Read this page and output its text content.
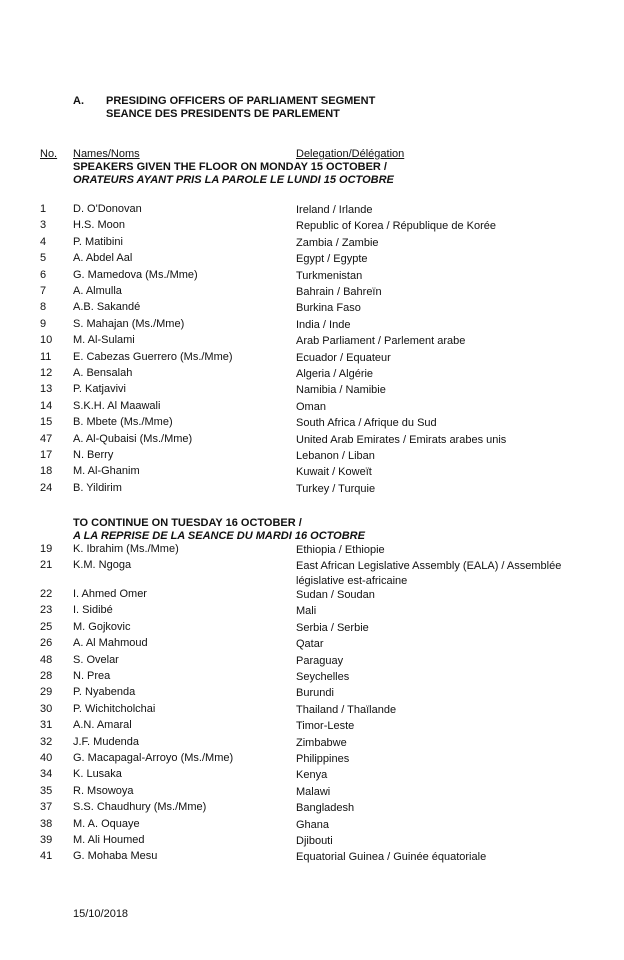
A. PRESIDING OFFICERS OF PARLIAMENT SEGMENT
SEANCE DES PRESIDENTS DE PARLEMENT
No. Names/Noms	Delegation/Délégation
SPEAKERS GIVEN THE FLOOR ON MONDAY 15 OCTOBER /
ORATEURS AYANT PRIS LA PAROLE LE LUNDI 15 OCTOBRE
1 D. O'Donovan	Ireland / Irlande
3 H.S. Moon	Republic of Korea / République de Korée
4 P. Matibini	Zambia / Zambie
5 A. Abdel Aal	Egypt / Egypte
6 G. Mamedova (Ms./Mme)	Turkmenistan
7 A. Almulla	Bahrain / Bahreïn
8 A.B. Sakandé	Burkina Faso
9 S. Mahajan (Ms./Mme)	India / Inde
10 M. Al-Sulami	Arab Parliament / Parlement arabe
11 E. Cabezas Guerrero (Ms./Mme)	Ecuador / Equateur
12 A. Bensalah	Algeria / Algérie
13 P. Katjavivi	Namibia / Namibie
14 S.K.H. Al Maawali	Oman
15 B. Mbete (Ms./Mme)	South Africa / Afrique du Sud
47 A. Al-Qubaisi (Ms./Mme)	United Arab Emirates / Emirats arabes unis
17 N. Berry	Lebanon / Liban
18 M. Al-Ghanim	Kuwait / Koweït
24 B. Yildirim	Turkey / Turquie
TO CONTINUE ON TUESDAY 16 OCTOBER /
A LA REPRISE DE LA SEANCE DU MARDI 16 OCTOBRE
19 K. Ibrahim (Ms./Mme)	Ethiopia / Ethiopie
21 K.M. Ngoga	East African Legislative Assembly (EALA) / Assemblée législative est-africaine
22 I. Ahmed Omer	Sudan / Soudan
23 I. Sidibé	Mali
25 M. Gojkovic	Serbia / Serbie
26 A. Al Mahmoud	Qatar
48 S. Ovelar	Paraguay
28 N. Prea	Seychelles
29 P. Nyabenda	Burundi
30 P. Wichitcholchai	Thailand / Thaïlande
31 A.N. Amaral	Timor-Leste
32 J.F. Mudenda	Zimbabwe
40 G. Macapagal-Arroyo (Ms./Mme)	Philippines
34 K. Lusaka	Kenya
35 R. Msowoya	Malawi
37 S.S. Chaudhury (Ms./Mme)	Bangladesh
38 M. A. Oquaye	Ghana
39 M. Ali Houmed	Djibouti
41 G. Mohaba Mesu	Equatorial Guinea / Guinée équatoriale
15/10/2018
